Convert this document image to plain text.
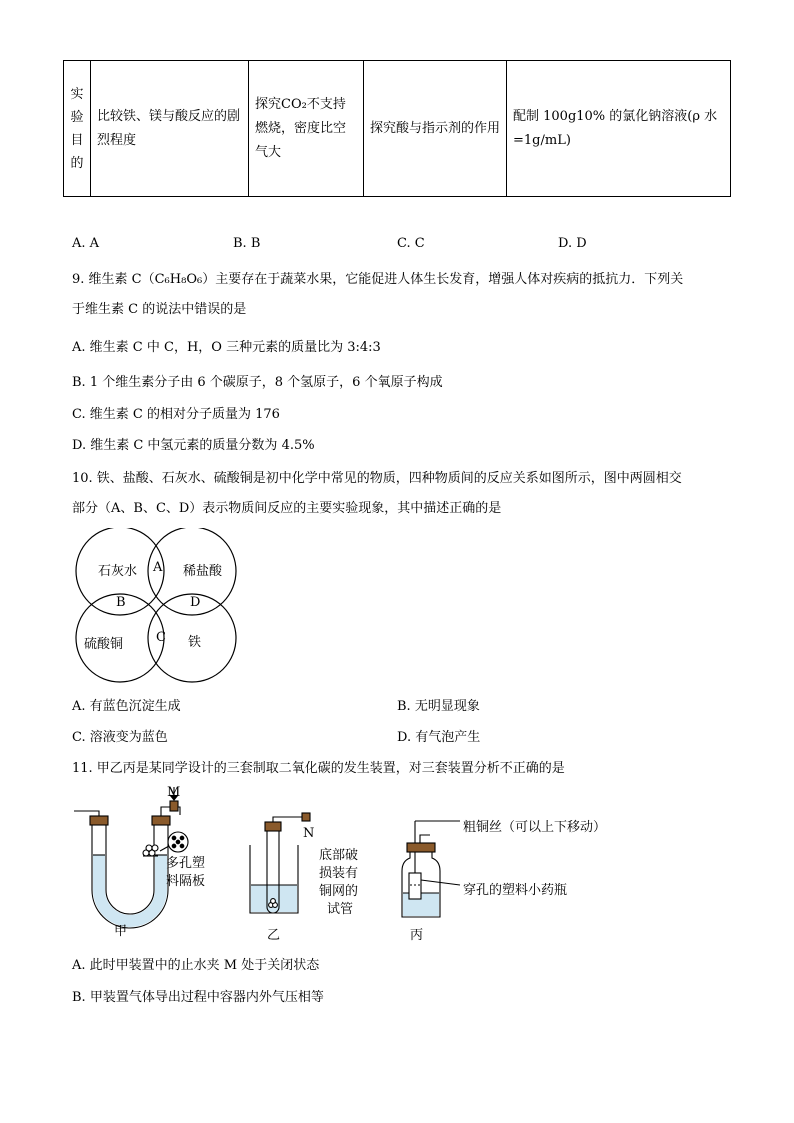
实验目的	比较铁、镁与酸反应的剧烈程度	探究CO₂不支持燃烧，密度比空气大	探究酸与指示剂的作用	配制 100g10% 的氯化钠溶液(ρ 水 =1g/mL)
A. A	B. B	C. C	D. D
9. 维生素 C（C₆H₈O₆）主要存在于蔬菜水果，它能促进人体生长发育，增强人体对疾病的抵抗力．下列关
于维生素 C 的说法中错误的是
A. 维生素 C 中 C，H，O 三种元素的质量比为 3:4:3
B. 1 个维生素分子由 6 个碳原子，8 个氢原子，6 个氧原子构成
C. 维生素 C 的相对分子质量为 176
D. 维生素 C 中氢元素的质量分数为 4.5%
10. 铁、盐酸、石灰水、硫酸铜是初中化学中常见的物质，四种物质间的反应关系如图所示，图中两圆相交
部分（A、B、C、D）表示物质间反应的主要实验现象，其中描述正确的是
石灰水	稀盐酸
硫酸铜	铁
A
B
C
D
A. 有蓝色沉淀生成	B. 无明显现象
C. 溶液变为蓝色	D. 有气泡产生
11. 甲乙丙是某同学设计的三套制取二氧化碳的发生装置，对三套装置分析不正确的是
M
N
多孔塑
料隔板
底部破
损装有
铜网的
试管
粗铜丝（可以上下移动）
穿孔的塑料小药瓶
甲	乙	丙
A. 此时甲装置中的止水夹 M 处于关闭状态
B. 甲装置气体导出过程中容器内外气压相等
